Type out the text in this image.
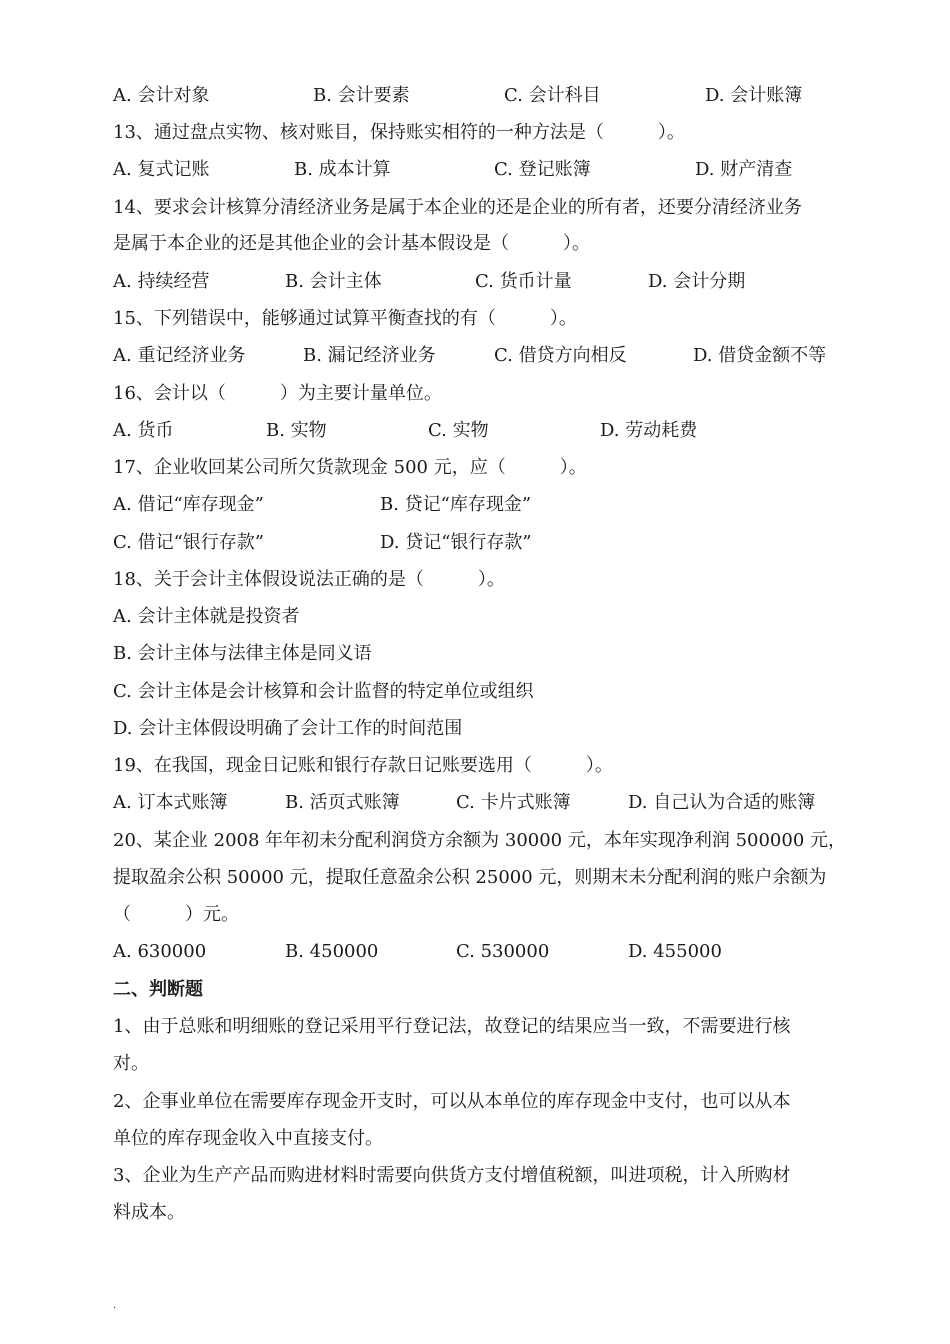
A. 会计对象	B. 会计要素	C. 会计科目	D. 会计账簿
13、通过盘点实物、核对账目，保持账实相符的一种方法是（　　　）。
A. 复式记账	B. 成本计算	C. 登记账簿	D. 财产清查
14、要求会计核算分清经济业务是属于本企业的还是企业的所有者，还要分清经济业务
是属于本企业的还是其他企业的会计基本假设是（　　　）。
A. 持续经营	B. 会计主体	C. 货币计量	D. 会计分期
15、下列错误中，能够通过试算平衡查找的有（　　　）。
A. 重记经济业务	B. 漏记经济业务	C. 借贷方向相反	D. 借贷金额不等
16、会计以（　　　）为主要计量单位。
A. 货币	B. 实物	C. 实物	D. 劳动耗费
17、企业收回某公司所欠货款现金 500 元，应（　　　）。
A. 借记“库存现金”	B. 贷记“库存现金”
C. 借记“银行存款”	D. 贷记“银行存款”
18、关于会计主体假设说法正确的是（　　　）。
A. 会计主体就是投资者
B. 会计主体与法律主体是同义语
C. 会计主体是会计核算和会计监督的特定单位或组织
D. 会计主体假设明确了会计工作的时间范围
19、在我国，现金日记账和银行存款日记账要选用（　　　）。
A. 订本式账簿	B. 活页式账簿	C. 卡片式账簿	D. 自己认为合适的账簿
20、某企业 2008 年年初未分配利润贷方余额为 30000 元，本年实现净利润 500000 元，
提取盈余公积 50000 元，提取任意盈余公积 25000 元，则期末未分配利润的账户余额为
（　　　）元。
A. 630000	B. 450000	C. 530000	D. 455000
二、判断题
1、由于总账和明细账的登记采用平行登记法，故登记的结果应当一致，不需要进行核
对。
2、企事业单位在需要库存现金开支时，可以从本单位的库存现金中支付，也可以从本
单位的库存现金收入中直接支付。
3、企业为生产产品而购进材料时需要向供货方支付增值税额，叫进项税，计入所购材
料成本。
.
